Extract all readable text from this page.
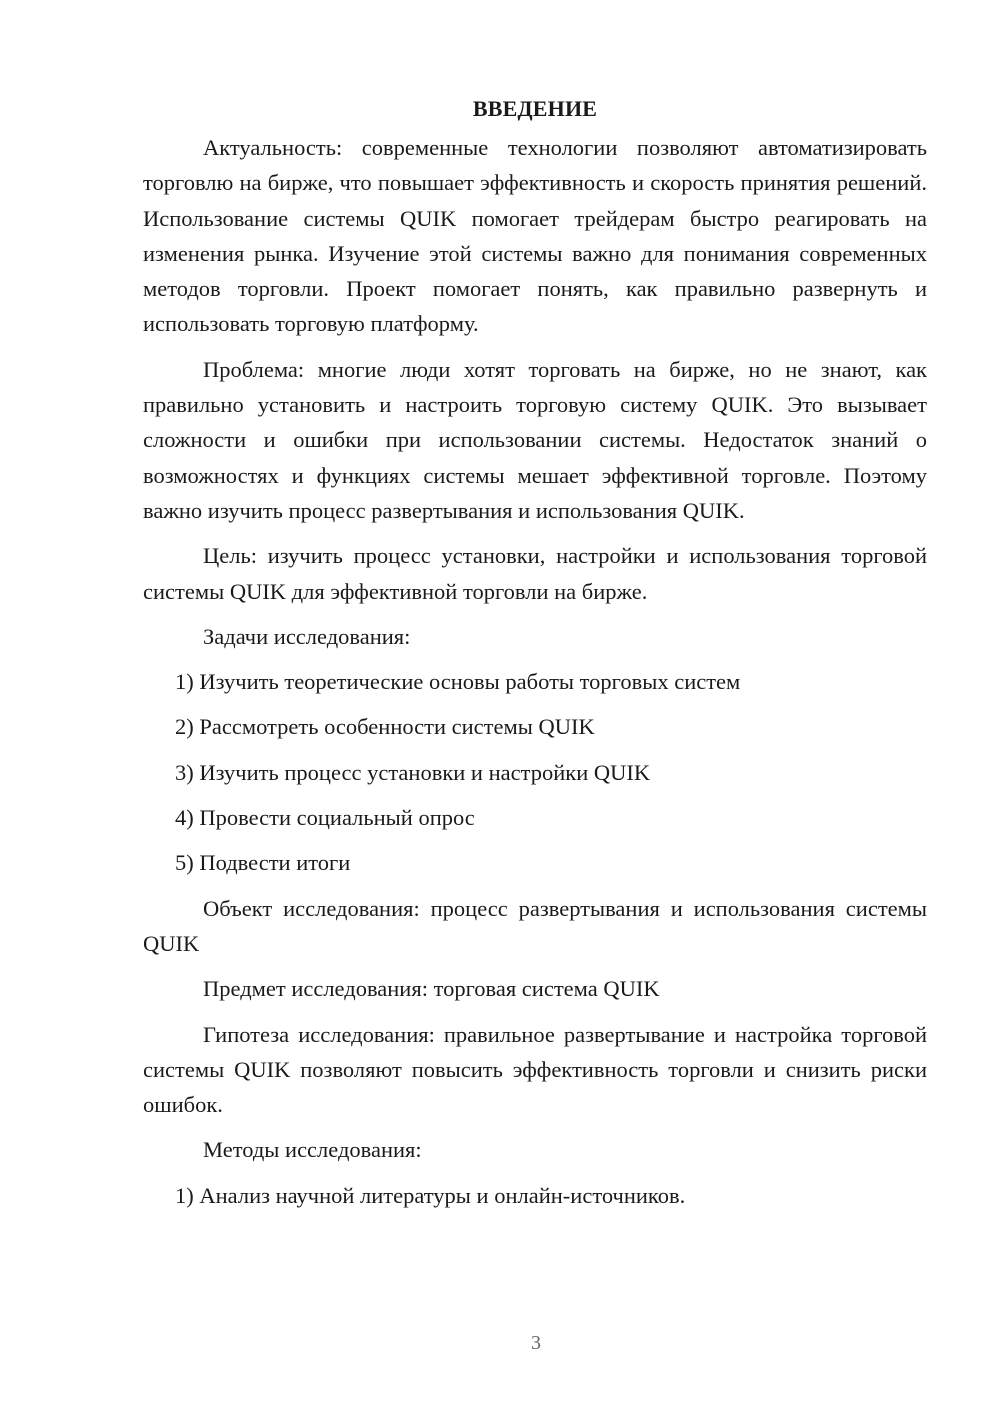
ВВЕДЕНИЕ

Актуальность: современные технологии позволяют автоматизировать торговлю на бирже, что повышает эффективность и скорость принятия решений. Использование системы QUIK помогает трейдерам быстро реагировать на изменения рынка. Изучение этой системы важно для понимания современных методов торговли. Проект помогает понять, как правильно развернуть и использовать торговую платформу.

Проблема: многие люди хотят торговать на бирже, но не знают, как правильно установить и настроить торговую систему QUIK. Это вызывает сложности и ошибки при использовании системы. Недостаток знаний о возможностях и функциях системы мешает эффективной торговле. Поэтому важно изучить процесс развертывания и использования QUIK.

Цель: изучить процесс установки, настройки и использования торговой системы QUIK для эффективной торговли на бирже.

Задачи исследования:

1) Изучить теоретические основы работы торговых систем
2) Рассмотреть особенности системы QUIK
3) Изучить процесс установки и настройки QUIK
4) Провести социальный опрос
5) Подвести итоги

Объект исследования: процесс развертывания и использования системы QUIK

Предмет исследования: торговая система QUIK

Гипотеза исследования: правильное развертывание и настройка торговой системы QUIK позволяют повысить эффективность торговли и снизить риски ошибок.

Методы исследования:

1) Анализ научной литературы и онлайн-источников.
3
